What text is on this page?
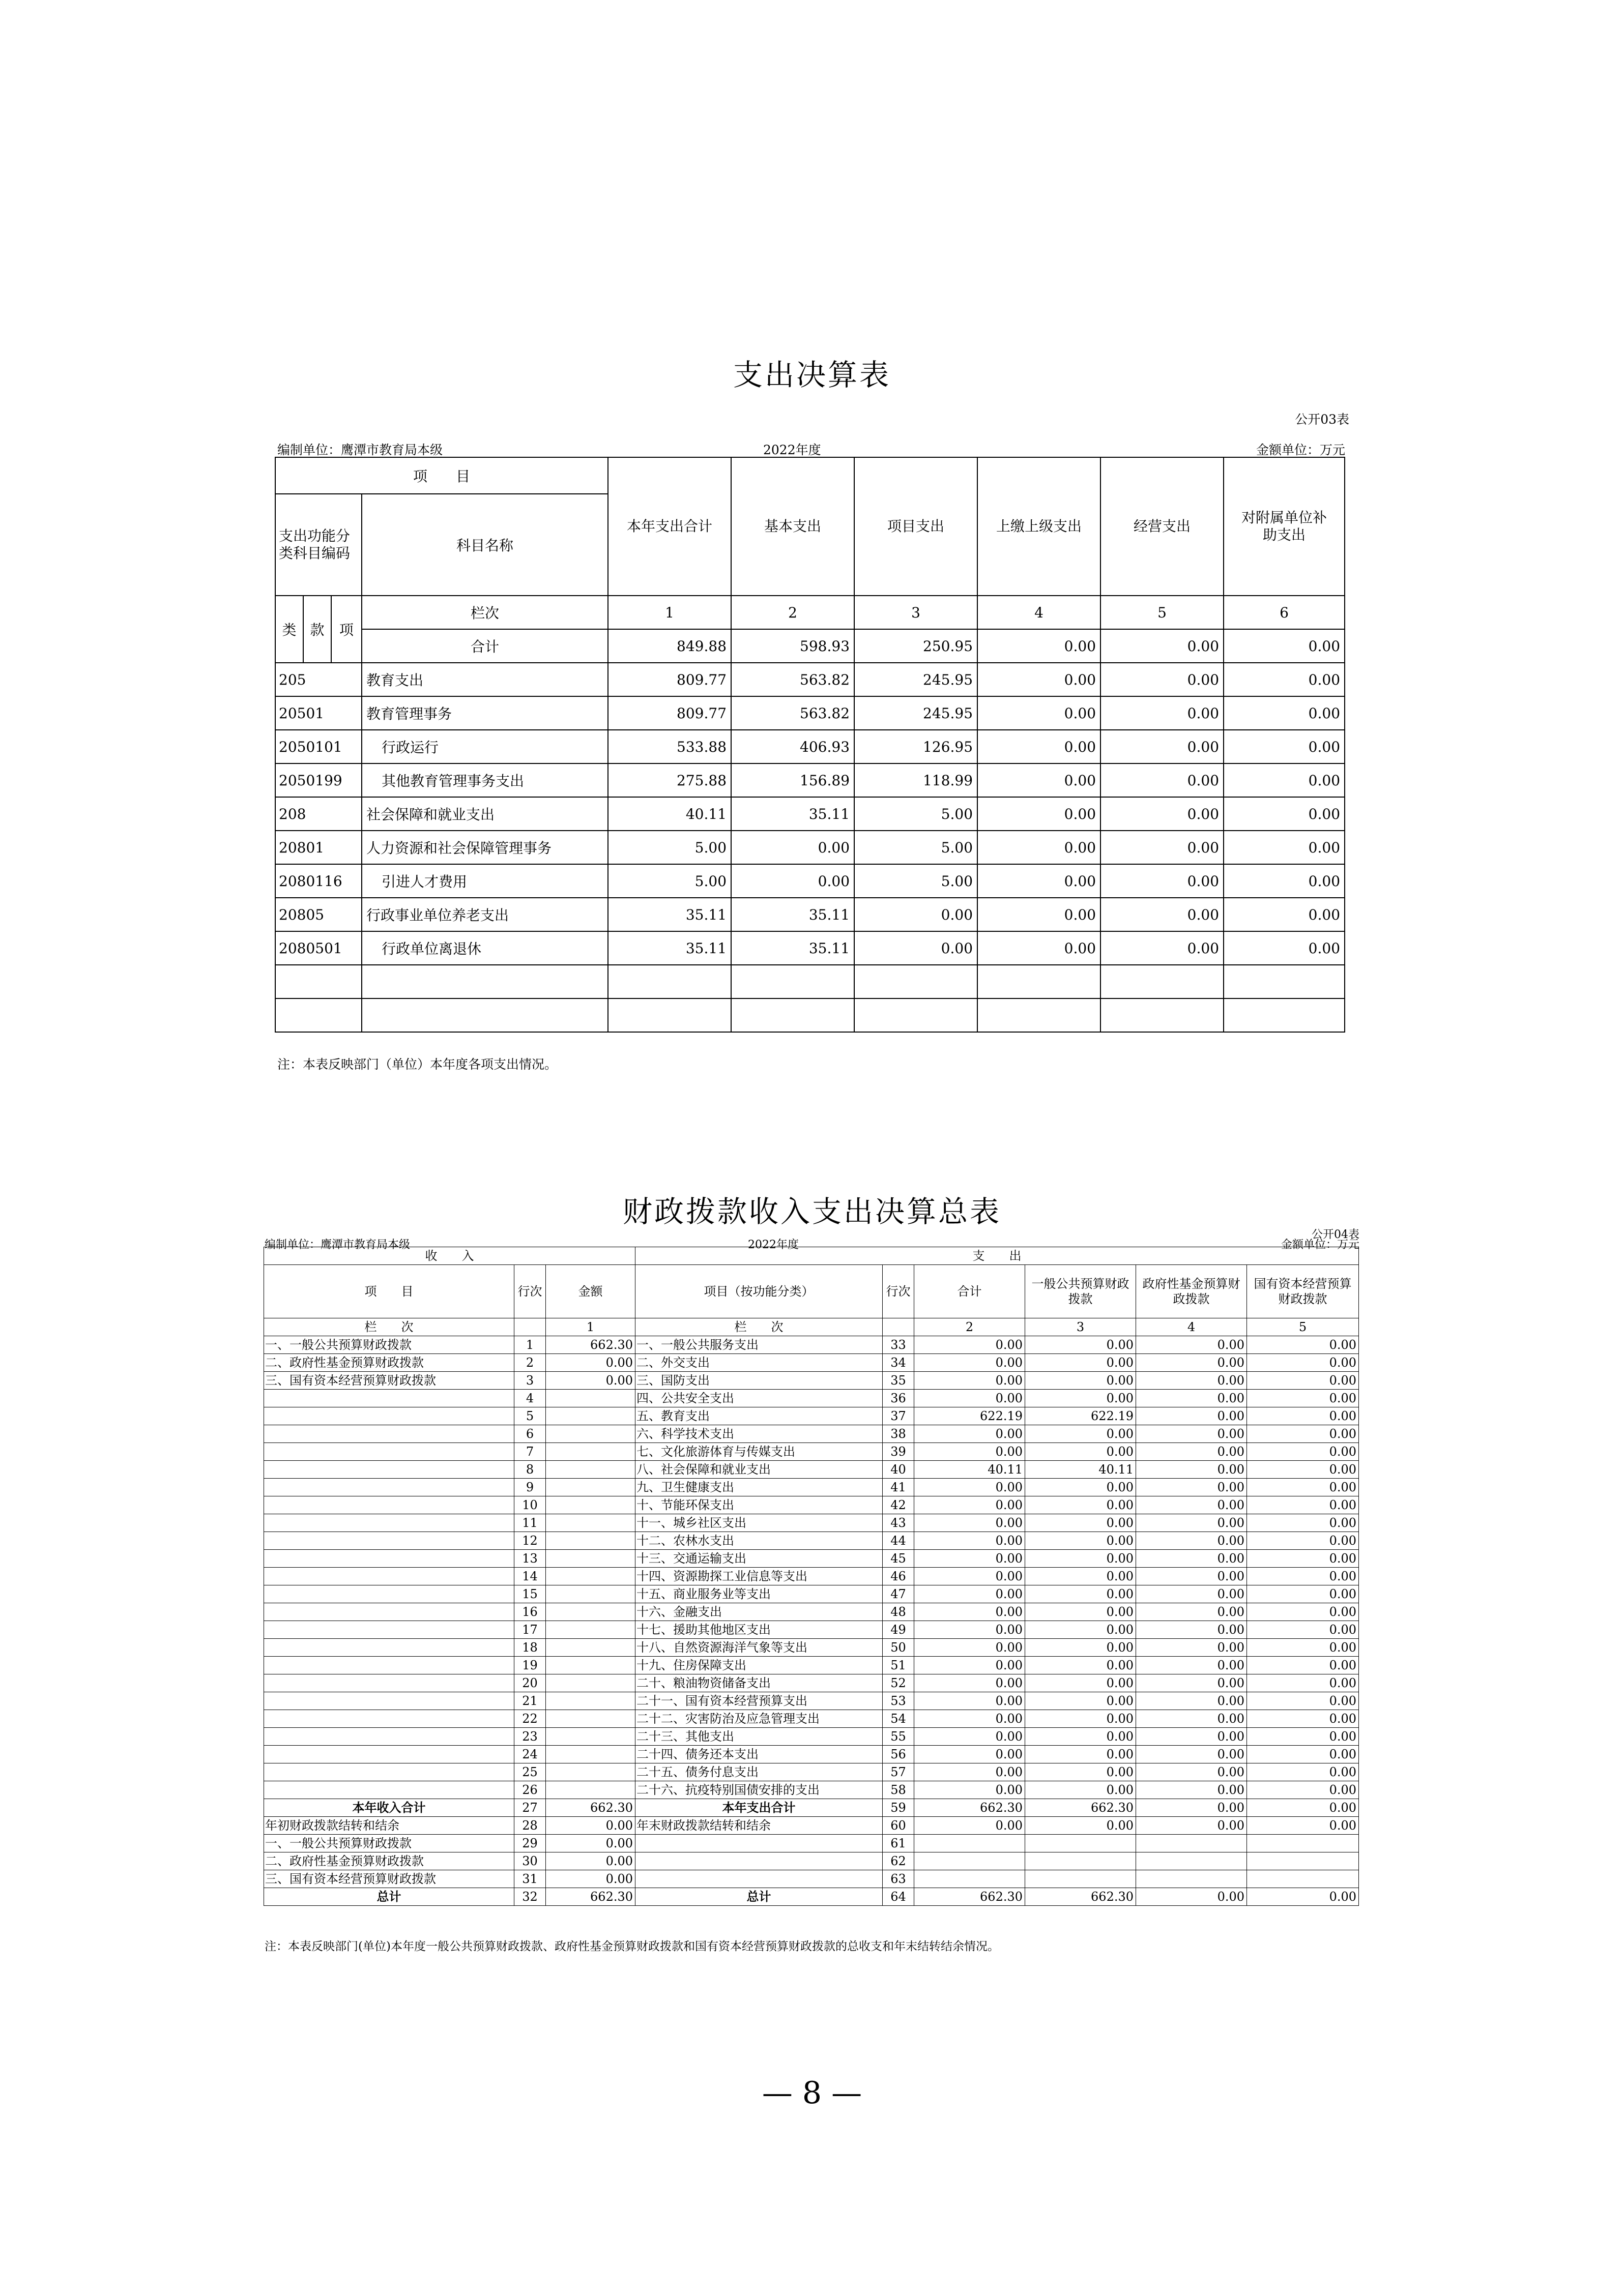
支出决算表
公开03表
编制单位：鹰潭市教育局本级	2022年度	金额单位：万元
项　　目				本年支出合计	基本支出	项目支出	上缴上级支出	经营支出	对附属单位补助支出
支出功能分类科目编码			科目名称						
类	款	项	栏次	1	2	3	4	5	6
			合计	849.88	598.93	250.95	0.00	0.00	0.00
205			教育支出	809.77	563.82	245.95	0.00	0.00	0.00
20501			教育管理事务	809.77	563.82	245.95	0.00	0.00	0.00
2050101			行政运行	533.88	406.93	126.95	0.00	0.00	0.00
2050199			其他教育管理事务支出	275.88	156.89	118.99	0.00	0.00	0.00
208			社会保障和就业支出	40.11	35.11	5.00	0.00	0.00	0.00
20801			人力资源和社会保障管理事务	5.00	0.00	5.00	0.00	0.00	0.00
2080116			引进人才费用	5.00	0.00	5.00	0.00	0.00	0.00
20805			行政事业单位养老支出	35.11	35.11	0.00	0.00	0.00	0.00
2080501			行政单位离退休	35.11	35.11	0.00	0.00	0.00	0.00

注：本表反映部门（单位）本年度各项支出情况。
财政拨款收入支出决算总表
公开04表
编制单位：鹰潭市教育局本级	2022年度	金额单位：万元
收　　入			支　　出					
项　　目	行次	金额	项目（按功能分类）	行次	合计	一般公共预算财政拨款	政府性基金预算财政拨款	国有资本经营预算财政拨款
栏　　次		1	栏　　次		2	3	4	5
一、一般公共预算财政拨款	1	662.30	一、一般公共服务支出	33	0.00	0.00	0.00	0.00
二、政府性基金预算财政拨款	2	0.00	二、外交支出	34	0.00	0.00	0.00	0.00
三、国有资本经营预算财政拨款	3	0.00	三、国防支出	35	0.00	0.00	0.00	0.00
	4		四、公共安全支出	36	0.00	0.00	0.00	0.00
	5		五、教育支出	37	622.19	622.19	0.00	0.00
	6		六、科学技术支出	38	0.00	0.00	0.00	0.00
	7		七、文化旅游体育与传媒支出	39	0.00	0.00	0.00	0.00
	8		八、社会保障和就业支出	40	40.11	40.11	0.00	0.00
	9		九、卫生健康支出	41	0.00	0.00	0.00	0.00
	10		十、节能环保支出	42	0.00	0.00	0.00	0.00
	11		十一、城乡社区支出	43	0.00	0.00	0.00	0.00
	12		十二、农林水支出	44	0.00	0.00	0.00	0.00
	13		十三、交通运输支出	45	0.00	0.00	0.00	0.00
	14		十四、资源勘探工业信息等支出	46	0.00	0.00	0.00	0.00
	15		十五、商业服务业等支出	47	0.00	0.00	0.00	0.00
	16		十六、金融支出	48	0.00	0.00	0.00	0.00
	17		十七、援助其他地区支出	49	0.00	0.00	0.00	0.00
	18		十八、自然资源海洋气象等支出	50	0.00	0.00	0.00	0.00
	19		十九、住房保障支出	51	0.00	0.00	0.00	0.00
	20		二十、粮油物资储备支出	52	0.00	0.00	0.00	0.00
	21		二十一、国有资本经营预算支出	53	0.00	0.00	0.00	0.00
	22		二十二、灾害防治及应急管理支出	54	0.00	0.00	0.00	0.00
	23		二十三、其他支出	55	0.00	0.00	0.00	0.00
	24		二十四、债务还本支出	56	0.00	0.00	0.00	0.00
	25		二十五、债务付息支出	57	0.00	0.00	0.00	0.00
	26		二十六、抗疫特别国债安排的支出	58	0.00	0.00	0.00	0.00
本年收入合计	27	662.30	本年支出合计	59	662.30	662.30	0.00	0.00
年初财政拨款结转和结余	28	0.00	年末财政拨款结转和结余	60	0.00	0.00	0.00	0.00
一、一般公共预算财政拨款	29	0.00		61				
二、政府性基金预算财政拨款	30	0.00		62				
三、国有资本经营预算财政拨款	31	0.00		63				
总计	32	662.30	总计	64	662.30	662.30	0.00	0.00
注：本表反映部门(单位)本年度一般公共预算财政拨款、政府性基金预算财政拨款和国有资本经营预算财政拨款的总收支和年末结转结余情况。
— 8 —
